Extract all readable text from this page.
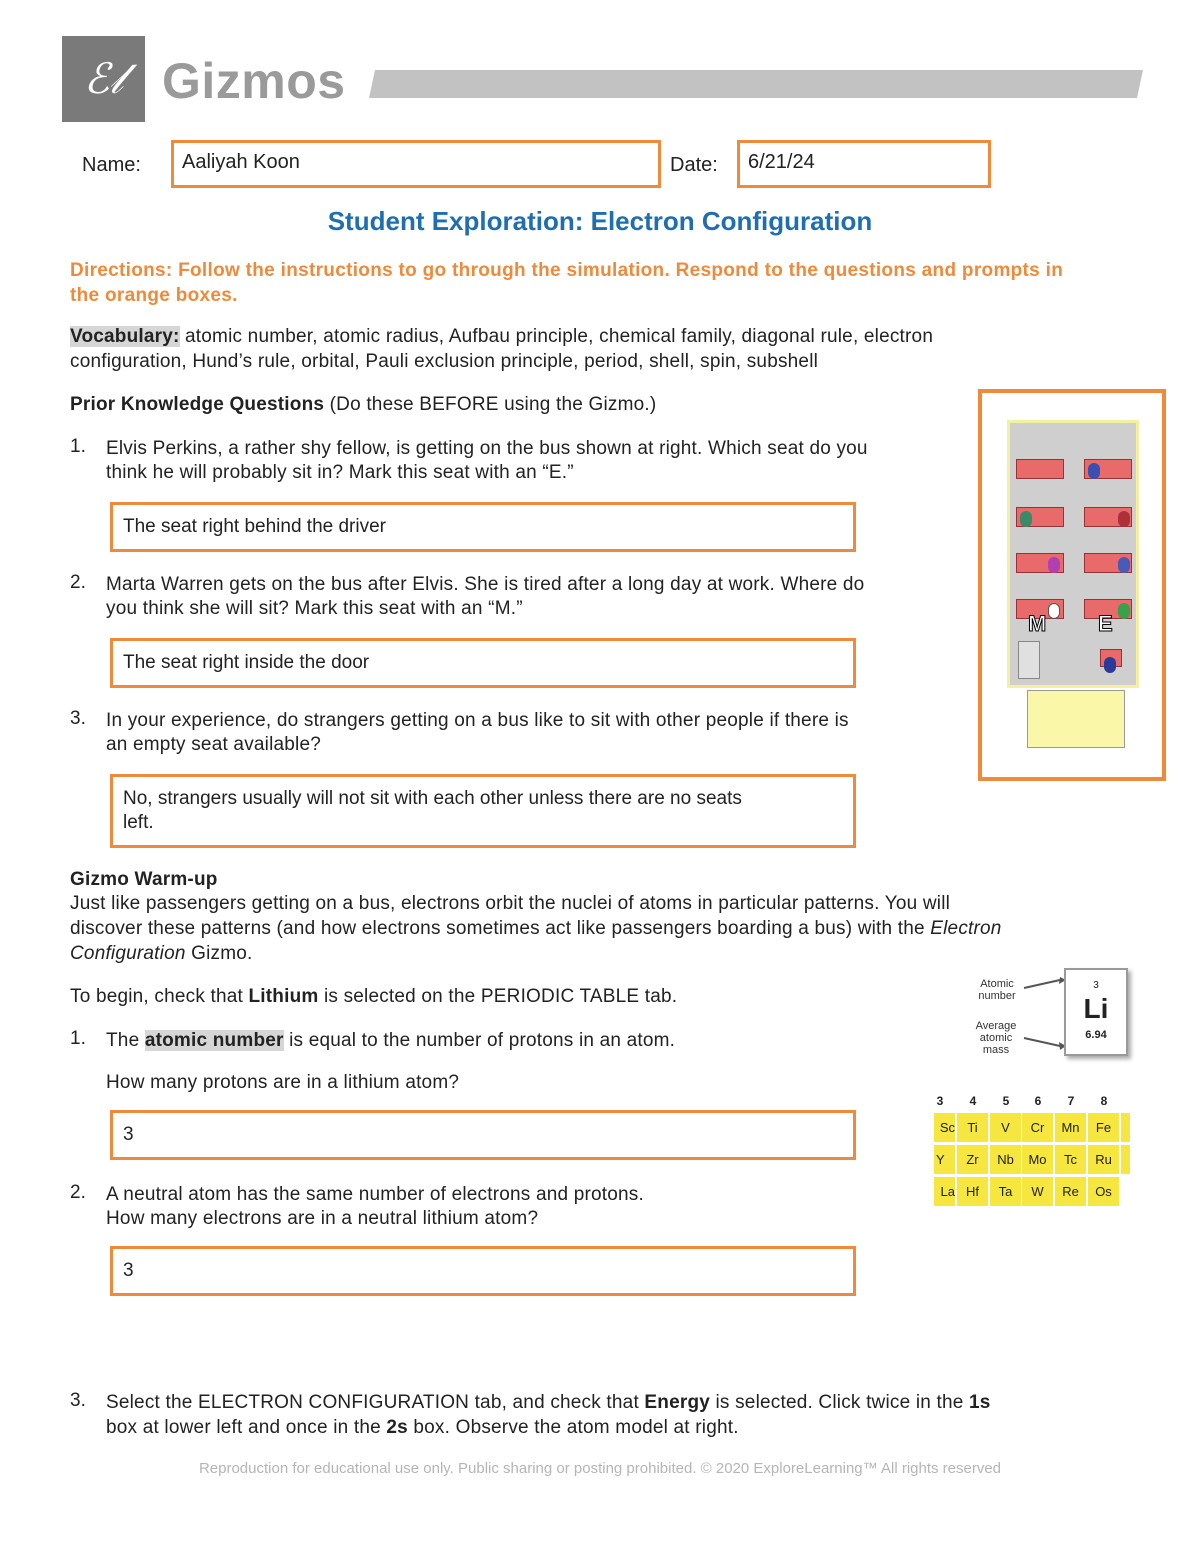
ℰ𝓁 Gizmos
Name:	Aaliyah Koon	Date:	6/21/24
Student Exploration: Electron Configuration
Directions: Follow the instructions to go through the simulation. Respond to the questions and prompts in the orange boxes.
Vocabulary: atomic number, atomic radius, Aufbau principle, chemical family, diagonal rule, electron
configuration, Hund’s rule, orbital, Pauli exclusion principle, period, shell, spin, subshell
Prior Knowledge Questions (Do these BEFORE using the Gizmo.)
1. Elvis Perkins, a rather shy fellow, is getting on the bus shown at right. Which seat do you
think he will probably sit in? Mark this seat with an “E.”
The seat right behind the driver
2. Marta Warren gets on the bus after Elvis. She is tired after a long day at work. Where do
you think she will sit? Mark this seat with an “M.”
The seat right inside the door
3. In your experience, do strangers getting on a bus like to sit with other people if there is
an empty seat available?
No, strangers usually will not sit with each other unless there are no seats
left.
M E
Gizmo Warm-up
Just like passengers getting on a bus, electrons orbit the nuclei of atoms in particular patterns. You will
discover these patterns (and how electrons sometimes act like passengers boarding a bus) with the Electron
Configuration Gizmo.
To begin, check that Lithium is selected on the PERIODIC TABLE tab.
1. The atomic number is equal to the number of protons in an atom.
How many protons are in a lithium atom?
3
2. A neutral atom has the same number of electrons and protons.
How many electrons are in a neutral lithium atom?
3
3. Select the ELECTRON CONFIGURATION tab, and check that Energy is selected. Click twice in the 1s
box at lower left and once in the 2s box. Observe the atom model at right.
Atomic
number
Average
atomic
mass
3
Li
6.94
3	4	5	6	7	8
Sc Ti	V	Cr	Mn	Fe
Y	Zr	Nb	Mo	Tc	Ru
La Hf	Ta	W	Re	Os
Reproduction for educational use only. Public sharing or posting prohibited. © 2020 ExploreLearning™ All rights reserved
